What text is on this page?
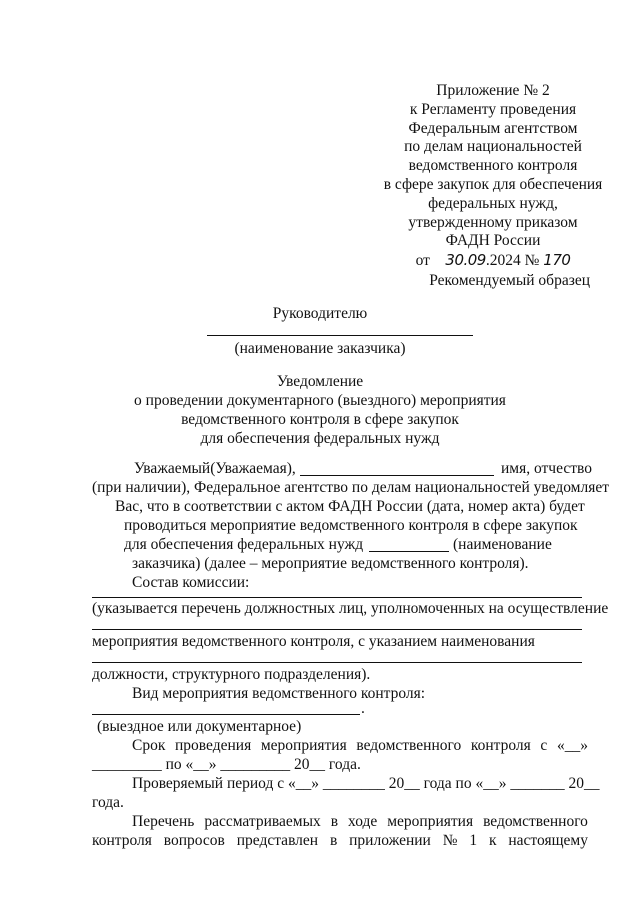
Приложение № 2
к Регламенту проведения
Федеральным агентством
по делам национальностей
ведомственного контроля
в сфере закупок для обеспечения
федеральных нужд,
утвержденному приказом
ФАДН России
от 30.09.2024 № 170
Рекомендуемый образец
Руководителю
(наименование заказчика)
Уведомление
о проведении документарного (выездного) мероприятия
ведомственного контроля в сфере закупок
для обеспечения федеральных нужд
Уважаемый(Уважаемая),	имя, отчество
(при наличии), Федеральное агентство по делам национальностей уведомляет
Вас, что в соответствии с актом ФАДН России (дата, номер акта) будет
проводиться мероприятие ведомственного контроля в сфере закупок
для обеспечения федеральных нужд	(наименование
заказчика) (далее – мероприятие ведомственного контроля).
Состав комиссии:
(указывается перечень должностных лиц, уполномоченных на осуществление
мероприятия ведомственного контроля, с указанием наименования
должности, структурного подразделения).
Вид мероприятия ведомственного контроля:
.
(выездное или документарное)
Срок проведения мероприятия ведомственного контроля с «__»
_________ по «__» _________ 20__ года.
Проверяемый период с «__» ________ 20__ года по «__» _______ 20__
года.
Перечень рассматриваемых в ходе мероприятия ведомственного
контроля вопросов представлен в приложении № 1 к настоящему
